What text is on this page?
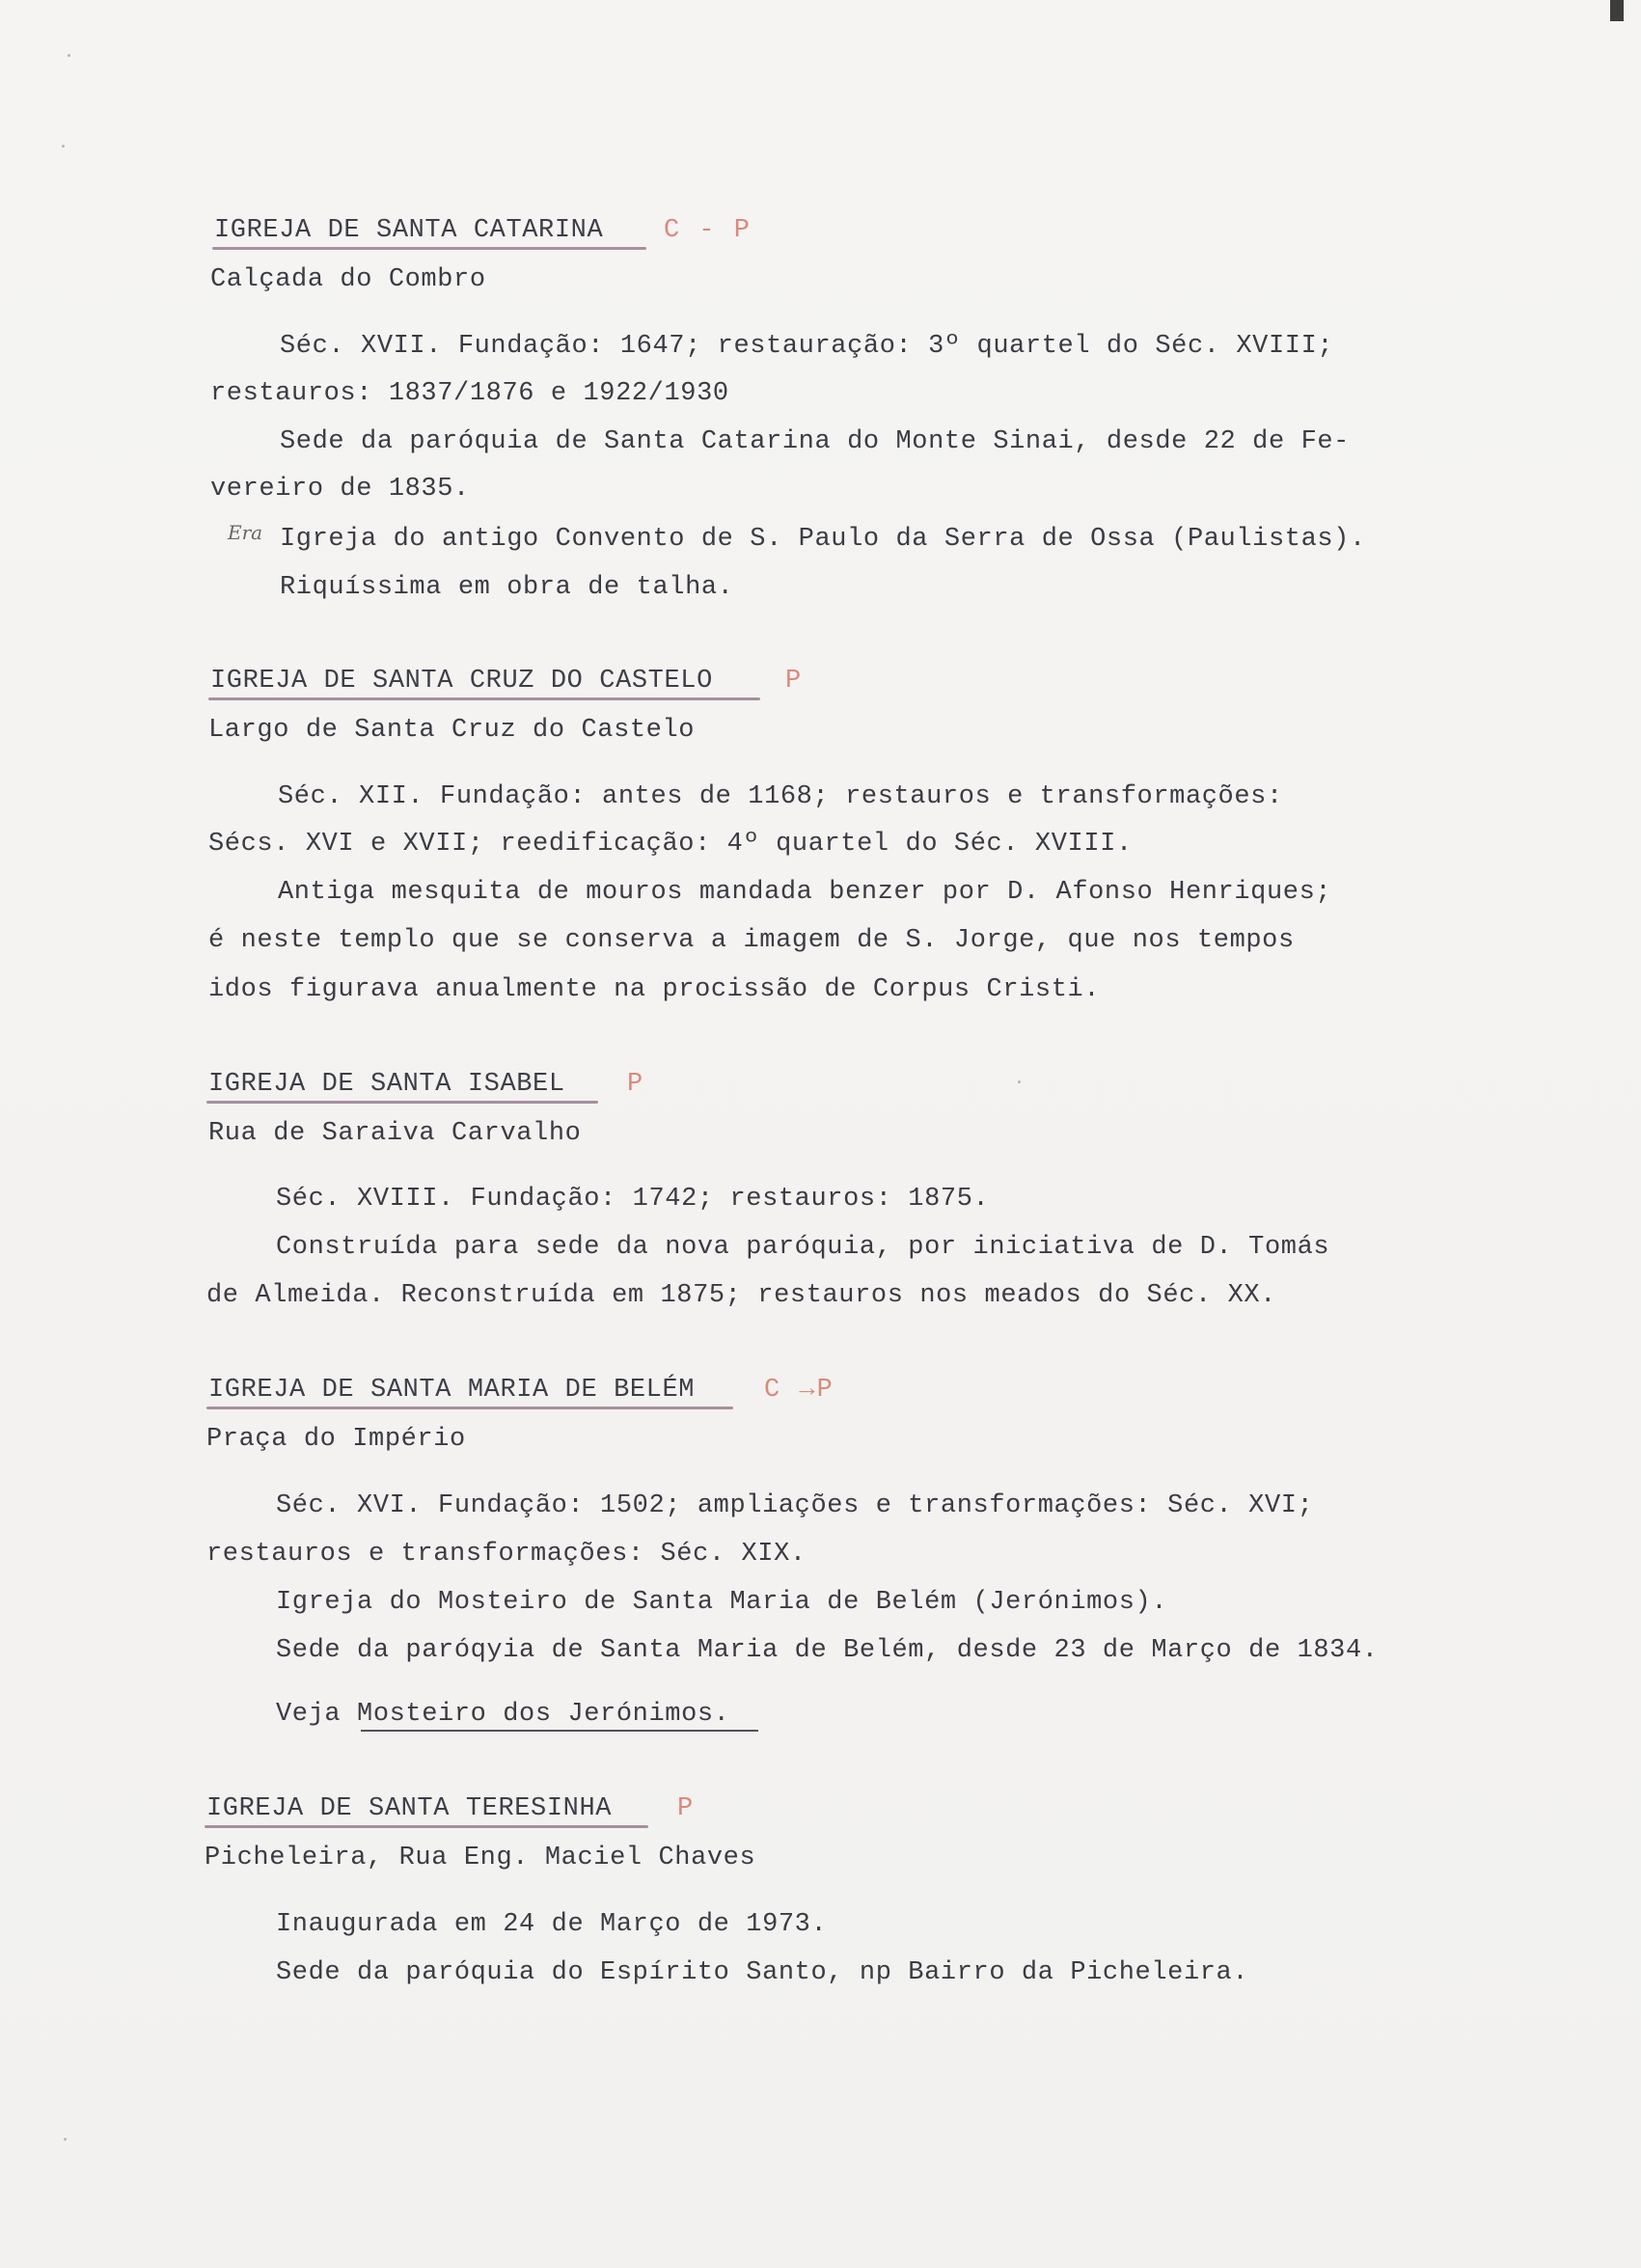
IGREJA DE SANTA CATARINA C - P
Calçada do Combro
Séc. XVII. Fundação: 1647; restauração: 3º quartel do Séc. XVIII;
restauros: 1837/1876 e 1922/1930
Sede da paróquia de Santa Catarina do Monte Sinai, desde 22 de Fe-
vereiro de 1835.
Era Igreja do antigo Convento de S. Paulo da Serra de Ossa (Paulistas).
Riquíssima em obra de talha.
IGREJA DE SANTA CRUZ DO CASTELO	P
Largo de Santa Cruz do Castelo
Séc. XII. Fundação: antes de 1168; restauros e transformações:
Sécs. XVI e XVII; reedificação: 4º quartel do Séc. XVIII.
Antiga mesquita de mouros mandada benzer por D. Afonso Henriques;
é neste templo que se conserva a imagem de S. Jorge, que nos tempos
idos figurava anualmente na procissão de Corpus Cristi.
IGREJA DE SANTA ISABEL P
Rua de Saraiva Carvalho
Séc. XVIII. Fundação: 1742; restauros: 1875.
Construída para sede da nova paróquia, por iniciativa de D. Tomás
de Almeida. Reconstruída em 1875; restauros nos meados do Séc. XX.
IGREJA DE SANTA MARIA DE BELÉM	C →P
Praça do Império
Séc. XVI. Fundação: 1502; ampliações e transformações: Séc. XVI;
restauros e transformações: Séc. XIX.
Igreja do Mosteiro de Santa Maria de Belém (Jerónimos).
Sede da paróqyia de Santa Maria de Belém, desde 23 de Março de 1834.
Veja Mosteiro dos Jerónimos.
IGREJA DE SANTA TERESINHA	P
Picheleira, Rua Eng. Maciel Chaves
Inaugurada em 24 de Março de 1973.
Sede da paróquia do Espírito Santo, np Bairro da Picheleira.
